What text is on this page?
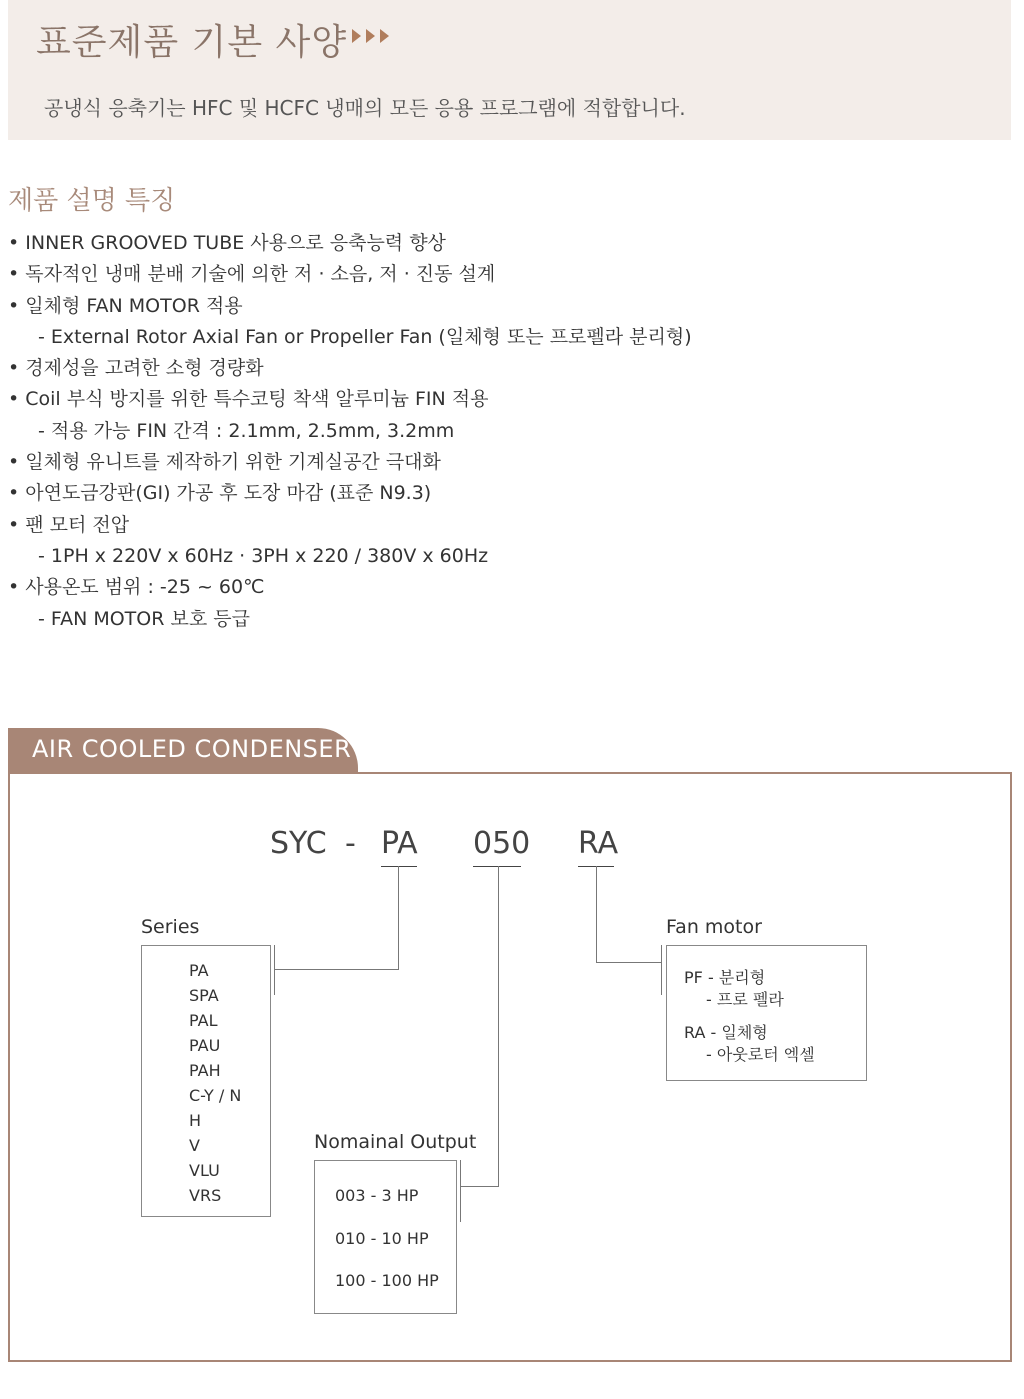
표준제품 기본 사양
공냉식 응축기는 HFC 및 HCFC 냉매의 모든 응용 프로그램에 적합합니다.
제품 설명 특징
• INNER GROOVED TUBE 사용으로 응축능력 향상
• 독자적인 냉매 분배 기술에 의한 저 · 소음, 저 · 진동 설계
• 일체형 FAN MOTOR 적용
- External Rotor Axial Fan or Propeller Fan (일체형 또는 프로펠라 분리형)
• 경제성을 고려한 소형 경량화
• Coil 부식 방지를 위한 특수코팅 착색 알루미늄 FIN 적용
- 적용 가능 FIN 간격 : 2.1mm, 2.5mm, 3.2mm
• 일체형 유니트를 제작하기 위한 기계실공간 극대화
• 아연도금강판(GI) 가공 후 도장 마감 (표준 N9.3)
• 팬 모터 전압
- 1PH x 220V x 60Hz · 3PH x 220 / 380V x 60Hz
• 사용온도 범위 : -25 ~ 60℃
- FAN MOTOR 보호 등급
AIR COOLED CONDENSER
SYC - PA 050 RA
Series
PA
SPA
PAL
PAU
PAH
C-Y / N
H
V
VLU
VRS
Nomainal Output
003 - 3 HP
010 - 10 HP
100 - 100 HP
Fan motor
PF - 분리형
- 프로 펠라
RA - 일체형
- 아웃로터 엑셀
